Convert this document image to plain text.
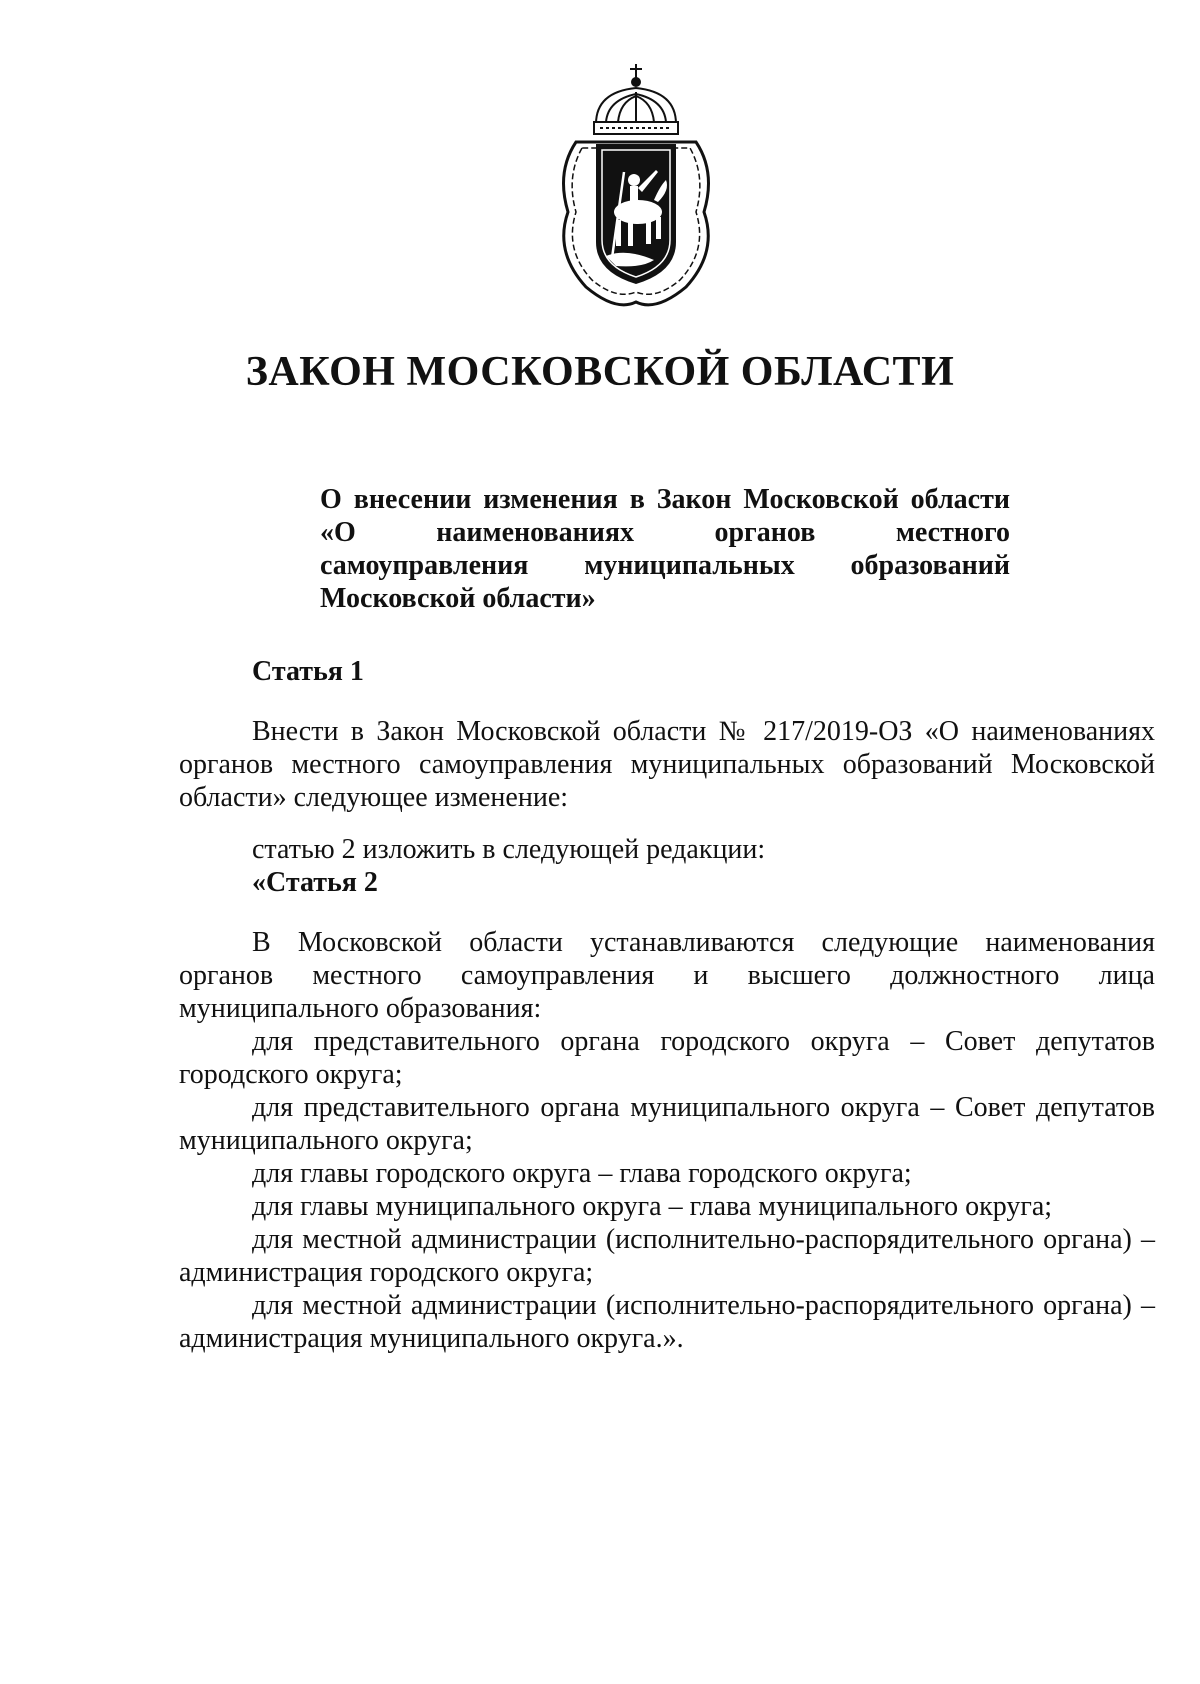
ЗАКОН МОСКОВСКОЙ ОБЛАСТИ
О внесении изменения в Закон Московской области
«О наименованиях органов местного
самоуправления муниципальных образований
Московской области»
Статья 1

Внести в Закон Московской области № 217/2019-ОЗ «О наименованиях органов местного самоуправления муниципальных образований Московской области» следующее изменение:

статью 2 изложить в следующей редакции:

«Статья 2

В Московской области устанавливаются следующие наименования органов местного самоуправления и высшего должностного лица муниципального образования:

для представительного органа городского округа – Совет депутатов городского округа;

для представительного органа муниципального округа – Совет депутатов муниципального округа;

для главы городского округа – глава городского округа;

для главы муниципального округа – глава муниципального округа;

для местной администрации (исполнительно-распорядительного органа) – администрация городского округа;

для местной администрации (исполнительно-распорядительного органа) – администрация муниципального округа.».
